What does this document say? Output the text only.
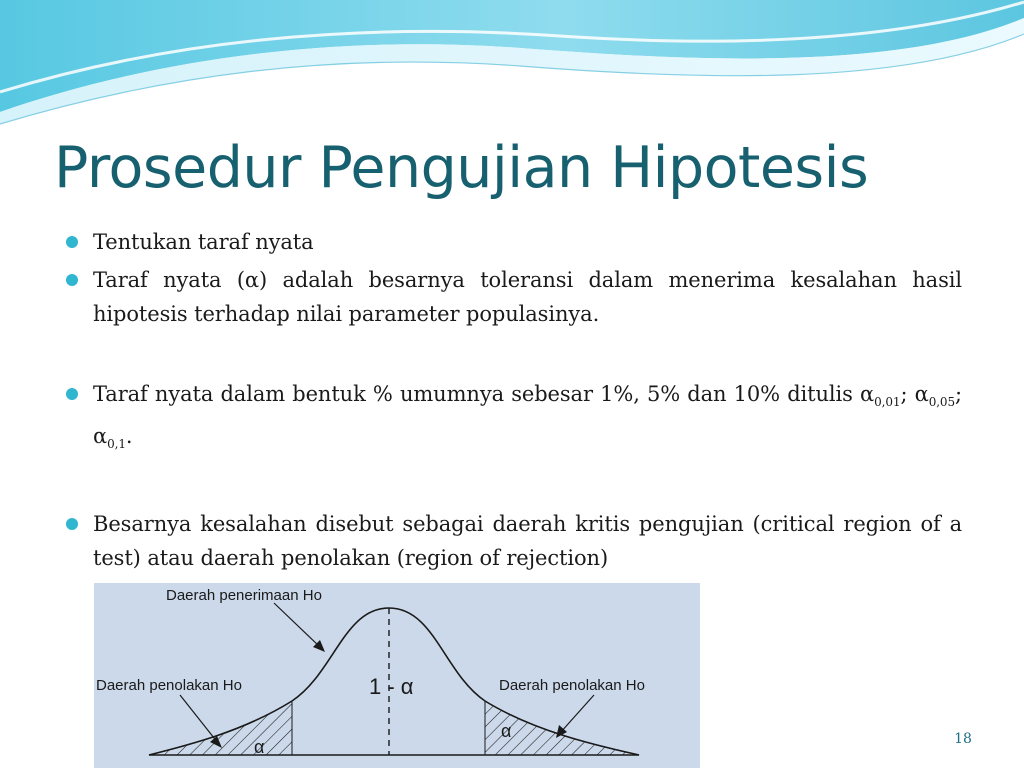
Prosedur Pengujian Hipotesis
Tentukan taraf nyata
Taraf nyata (α) adalah besarnya toleransi dalam menerima kesalahan hasil hipotesis terhadap nilai parameter populasinya.
Taraf nyata dalam bentuk % umumnya sebesar 1%, 5% dan 10% ditulis $\alpha_{0,01}$; $\alpha_{0,05}$; $\alpha_{0,1}$.
Besarnya kesalahan disebut sebagai daerah kritis pengujian (critical region of a test) atau daerah penolakan (region of rejection)
Daerah penerimaan Ho
Daerah penolakan Ho	Daerah penolakan Ho
1 - α
α
α	18
